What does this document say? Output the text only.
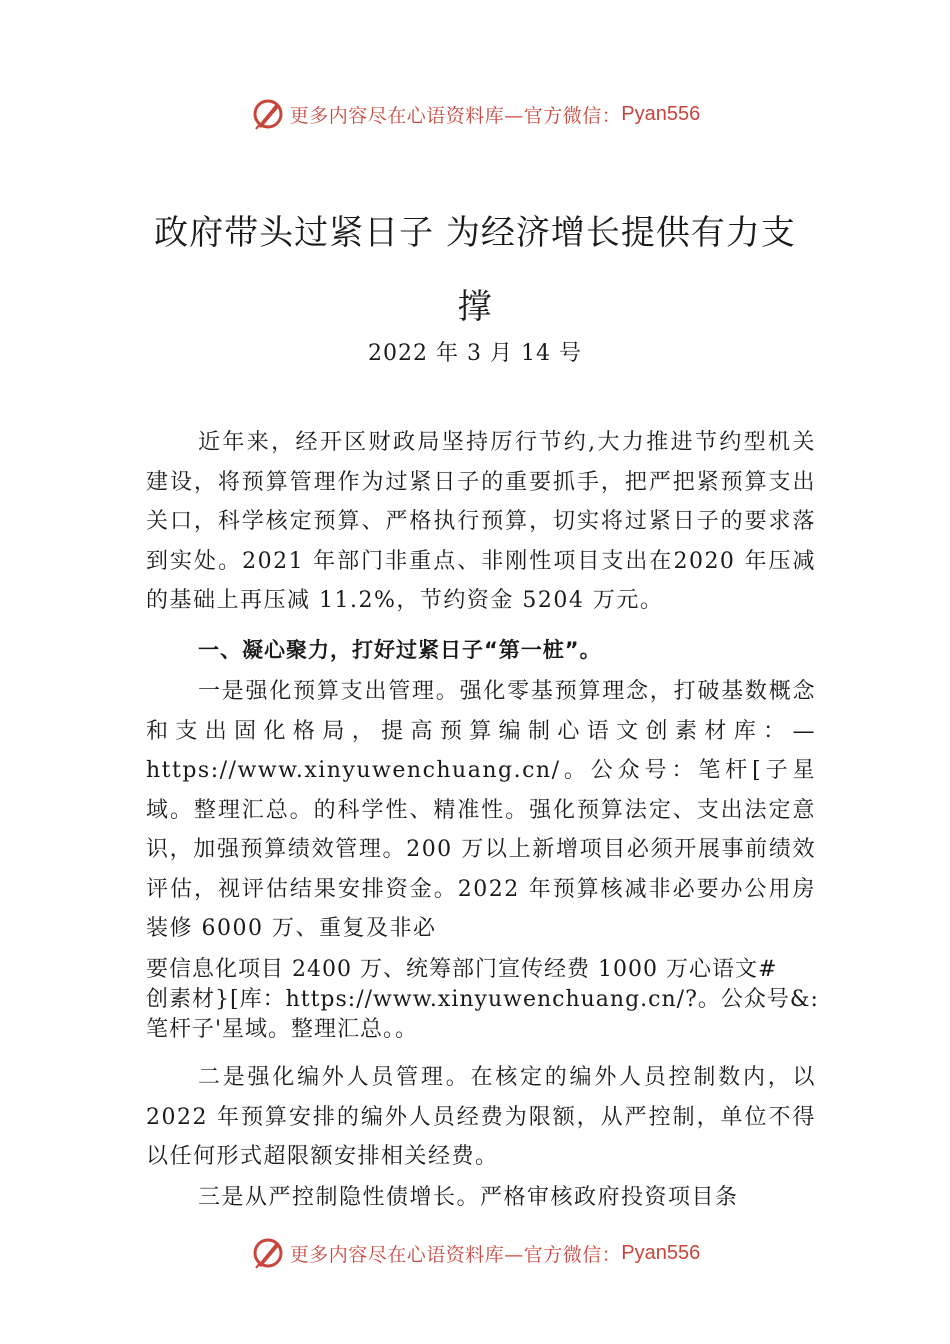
更多内容尽在心语资料库—官方微信： Pyan556
政府带头过紧日子 为经济增长提供有力支
撑
2022 年 3 月 14 号
近年来，经开区财政局坚持厉行节约,大力推进节约型机关建设，将预算管理作为过紧日子的重要抓手，把严把紧预算支出关口，科学核定预算、严格执行预算，切实将过紧日子的要求落到实处。2021 年部门非重点、非刚性项目支出在2020 年压减的基础上再压减 11.2%，节约资金 5204 万元。
一、凝心聚力，打好过紧日子“第一桩”。
一是强化预算支出管理。强化零基预算理念，打破基数概念和支出固化格局，提高预算编制心语文创素材库：—https://www.xinyuwenchuang.cn/。公众号：笔杆[子星域。整理汇总。的科学性、精准性。强化预算法定、支出法定意识，加强预算绩效管理。200 万以上新增项目必须开展事前绩效评估，视评估结果安排资金。2022 年预算核减非必要办公用房装修 6000 万、重复及非必
要信息化项目 2400 万、统筹部门宣传经费 1000 万心语文#
创素材}[库：https://www.xinyuwenchuang.cn/?。公众号&:
笔杆子'星域。整理汇总。。
二是强化编外人员管理。在核定的编外人员控制数内，以 2022 年预算安排的编外人员经费为限额，从严控制，单位不得以任何形式超限额安排相关经费。
三是从严控制隐性债增长。严格审核政府投资项目条
更多内容尽在心语资料库—官方微信： Pyan556
